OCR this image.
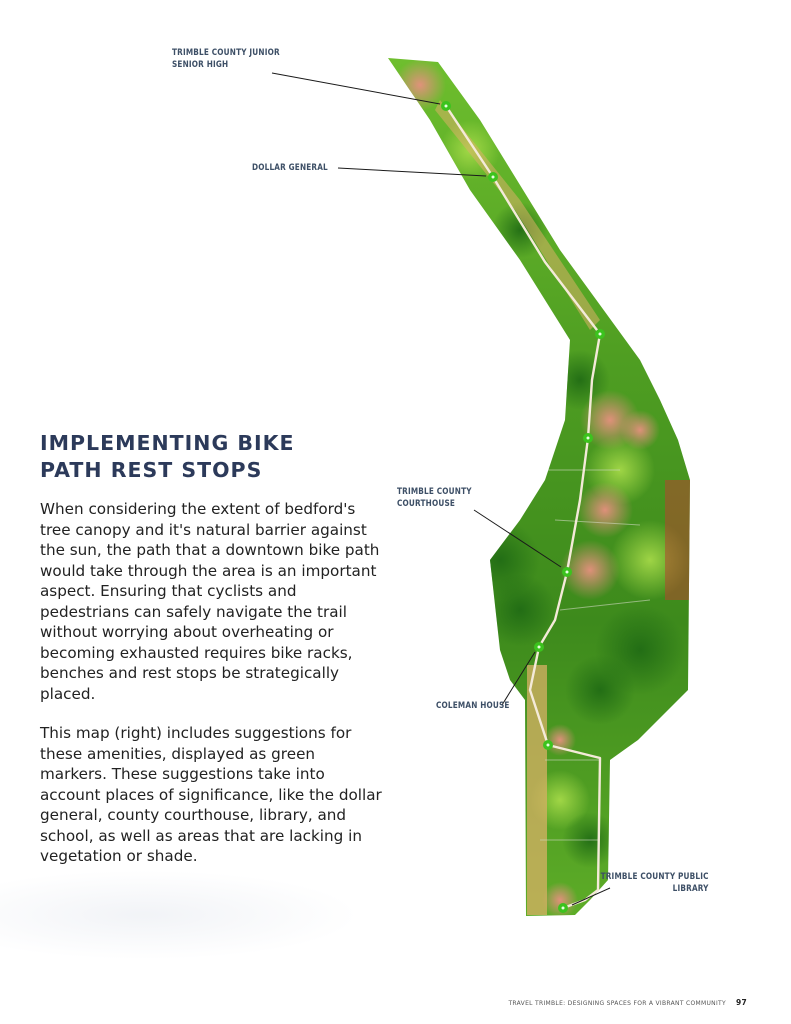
TRIMBLE COUNTY JUNIOR
SENIOR HIGH
DOLLAR GENERAL
TRIMBLE COUNTY
COURTHOUSE
COLEMAN HOUSE
TRIMBLE COUNTY PUBLIC
LIBRARY
IMPLEMENTING BIKE
PATH REST STOPS

When considering the extent of bedford's tree canopy and it's natural barrier against the sun, the path that a downtown bike path would take through the area is an important aspect. Ensuring that cyclists and pedestrians can safely navigate the trail without worrying about overheating or becoming exhausted requires bike racks, benches and rest stops be strategically placed.

This map (right) includes suggestions for these amenities, displayed as green markers. These suggestions take into account places of significance, like the dollar general, county courthouse, library, and school, as well as areas that are lacking in vegetation or shade.

TRAVEL TRIMBLE: DESIGNING SPACES FOR A VIBRANT COMMUNITY 97
